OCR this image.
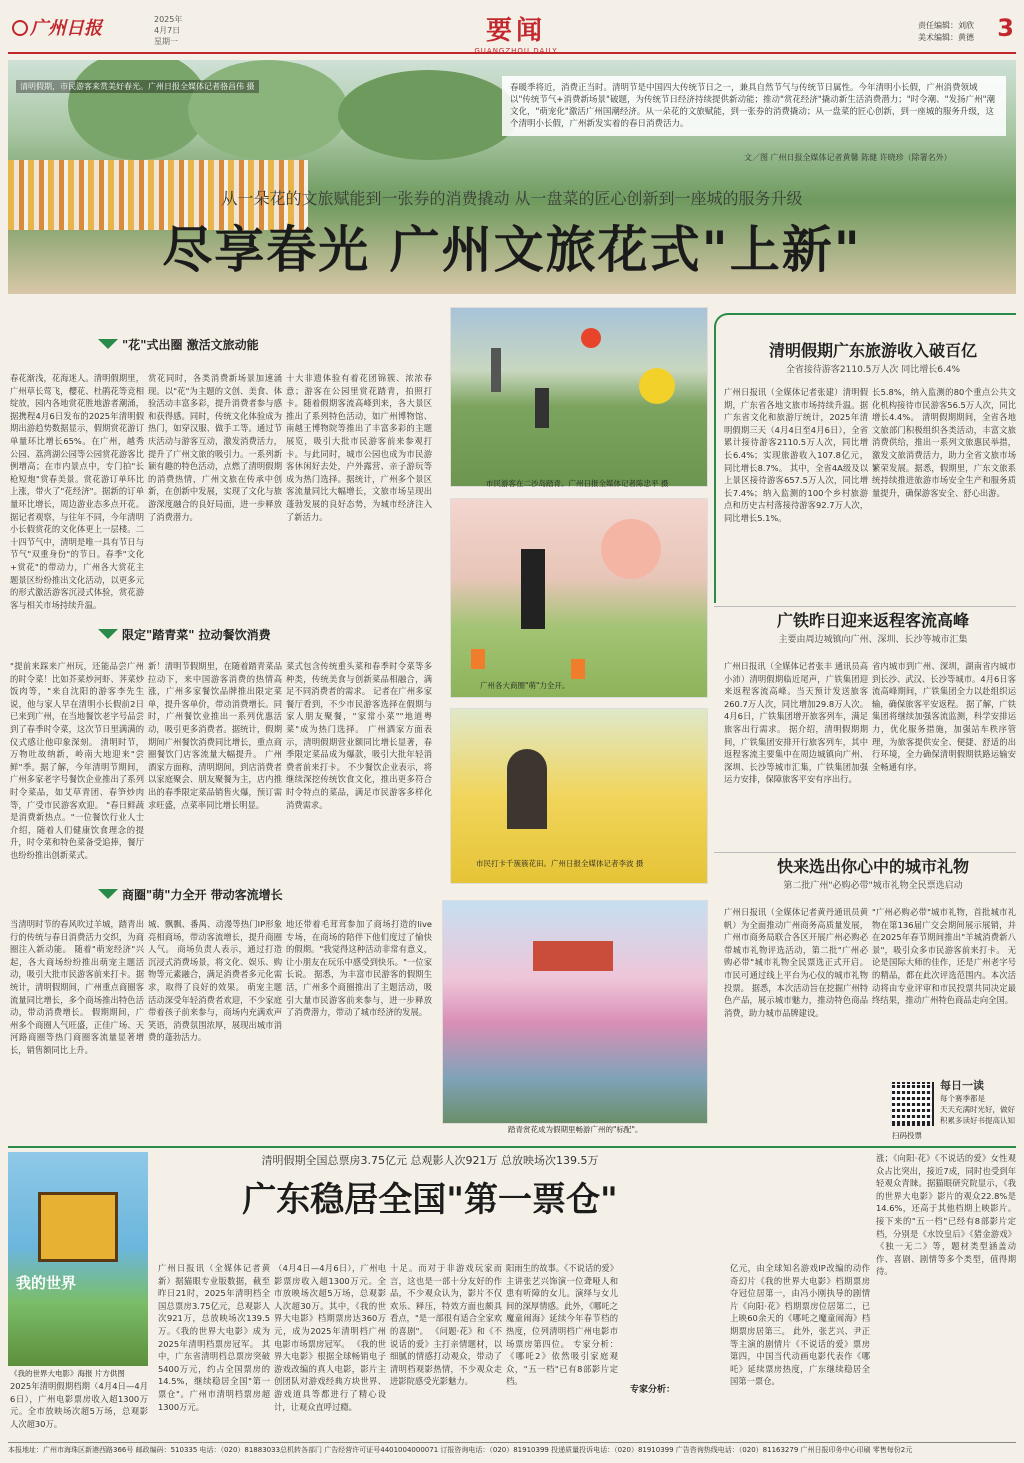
广州日报	2025年
4月7日
星期一	要闻
GUANGZHOU DAILY
责任编辑：刘欣
美术编辑：黄德 3
清明假期，市民游客来赏美好春光。广州日报全媒体记者骆昌伟 摄	春暖季将近，消费正当时。清明节是中国四大传统节日之一，兼具自然节气与传统节日属性。今年清明小长假，广州消费领域以"传统节气+消费新场景"破题，为传统节日经济持续提供新动能；推动"赏花经济"撬动新生活消费潜力；"时令潮、"发扬广州"潮文化，"萌宠化"激活广州国潮经济。从一朵花的文旅赋能，到一张券的消费撬动；从一盘菜的匠心创新，到一座城的服务升级，这个清明小长假，广州新发实着的春日消费活力。
文／图 广州日报全媒体记者黄馨 陈健 许晓珍（除署名外）
从一朵花的文旅赋能到一张券的消费撬动 从一盘菜的匠心创新到一座城的服务升级
尽享春光 广州文旅花式"上新"
"花"式出圈 激活文旅动能
春花渐浅，花海迷人。清明假期里，广州草长莺飞，樱花、杜鹃花等竞相绽放，园内各地赏花胜地游者潮涌，据携程4月6日发布的2025年清明假期出游趋势数据显示，假期赏花游订单量环比增长65%。在广州，越秀公园、荔湾湖公园等公园赏花游客比例增高；在市内景点中，专门拍"长枪短炮"赏春美景。赏花游订单环比上涨，带火了"花经济"。据新的订单量环比增长，周边游业态多点开花。 据记者观察，与往年不同，今年清明小长假赏花的文化体更上一层楼。二十四节气中，清明是唯一具有节日与节气"双重身份"的节日。春季"文化+赏花"的带动力，广州各大赏花主题景区纷纷推出文化活动，以更多元的形式激活游客沉浸式体验，赏花游客与相关市场持续升温。
赏花同时，各类消费新场景加速涌现。以"花"为主题的文创、美食、体验活动丰富多彩，提升消费者参与感和获得感。同时，传统文化体验成为热门，如穿汉服、做手工等。通过节庆活动与游客互动，激发消费活力，提升了广州文旅的吸引力。一系列新颖有趣的特色活动，点燃了清明假期的消费热情，广州文旅在传承中创新，在创新中发展，实现了文化与旅游深度融合的良好局面，进一步释放了消费潜力。
十大非遗体验有着花团锦簇、浓浓春意；游客在公园里赏花踏青，拍照打卡。随着假期客流高峰到来，各大景区推出了系列特色活动，如广州博物馆、南越王博物院等推出了丰富多彩的主题展览，吸引大批市民游客前来参观打卡。与此同时，城市公园也成为市民游客休闲好去处，户外露营、亲子游玩等成为热门选择。据统计，广州多个景区客流量同比大幅增长，文旅市场呈现出蓬勃发展的良好态势，为城市经济注入了新活力。
限定"踏青菜" 拉动餐饮消费
"提前来踩来广州玩，还能品尝广州的时令菜！比如芥菜炒河虾、荠菜炒饭肉等，"来自沈阳的游客李先生说，他与家人早在清明小长假前2日已来到广州，在当地餐饮老字号品尝到了春季时令菜，这次节日里满满的仪式感让他印象深刻。 清明时节，万物吐故纳新，岭南大地迎来"尝鲜"季。据了解，今年清明节期间，广州多家老字号餐饮企业推出了系列时令菜品，如艾草青团、春笋炒肉等，广受市民游客欢迎。 "春日鲜蔬是消费新热点。"一位餐饮行业人士介绍，随着人们健康饮食理念的提升，时令菜和特色菜备受追捧，餐厅也纷纷推出创新菜式。
新！清明节假期里，在随着踏青菜品拉动下，来中国游客消费的热情高涨，广州多家餐饮品牌推出限定菜单，提升客单价，带动消费增长。同时，广州餐饮业推出一系列优惠活动，吸引更多消费者。据统计，假期期间广州餐饮消费同比增长，重点商圈餐饮门店客流量大幅提升。 广州酒家方面称，清明期间，到店消费者以家庭聚会、朋友聚餐为主，店内推出的春季限定菜品销售火爆，预订需求旺盛，点菜率同比增长明显。
菜式包含传统重头菜和春季时令菜等多种类，传统美食与创新菜品相融合，满足不同消费者的需求。 记者在广州多家餐厅看到，不少市民游客选择在假期与家人朋友聚餐，"家常小菜""地道粤菜"成为热门选择。 广州酒家方面表示，清明假期营业额同比增长显著，春季限定菜品成为爆款，吸引大批年轻消费者前来打卡。 不少餐饮企业表示，将继续深挖传统饮食文化，推出更多符合时令特点的菜品，满足市民游客多样化消费需求。
商圈"萌"力全开 带动客流增长
当清明时节的春风吹过羊城，踏青出行的传统与春日消费活力交织，为商圈注入新动能。 随着"萌宠经济"兴起，各大商场纷纷推出萌宠主题活动，吸引大批市民游客前来打卡。据统计，清明假期间，广州重点商圈客流量同比增长，多个商场推出特色活动，带动消费增长。 假期期间，广州多个商圈人气旺盛，正佳广场、天河路商圈等热门商圈客流量显著增长，销售额同比上升。
城、飘飘、番禺、动漫等热门IP形象亮相商场，带动客流增长，提升商圈人气。 商场负责人表示，通过打造沉浸式消费场景，将文化、娱乐、购物等元素融合，满足消费者多元化需求，取得了良好的效果。 萌宠主题活动深受年轻消费者欢迎，不少家庭带着孩子前来参与，商场内充满欢声笑语，消费氛围浓厚，展现出城市消费的蓬勃活力。
地还带着毛茸茸参加了商场打造的live专场，在商场的陪伴下他们度过了愉快的假期。"我觉得这种活动非常有意义，让小朋友在玩乐中感受到快乐。"一位家长说。 据悉，为丰富市民游客的假期生活，广州多个商圈推出了主题活动，吸引大量市民游客前来参与，进一步释放了消费潜力，带动了城市经济的发展。
市民游客在二沙岛踏青。广州日报全媒体记者陈忠平 摄
广州各大商圈"萌"力全开。
市民打卡千簇簇花田。广州日报全媒体记者李波 摄
踏青赏花成为假期里畅游广州的"标配"。
清明假期广东旅游收入破百亿
全省接待游客2110.5万人次 同比增长6.4%
广州日报讯（全媒体记者张建）清明假期，广东省各地文旅市场持续升温。据广东省文化和旅游厅统计，2025年清明假期三天（4月4日至4月6日），全省累计接待游客2110.5万人次，同比增长6.4%；实现旅游收入107.8亿元，同比增长8.7%。 其中，全省4A级及以上景区接待游客657.5万人次，同比增长7.4%；纳入监测的100个乡村旅游点和历史古村落接待游客92.7万人次，同比增长5.1%。
长5.8%，纳入监测的80个重点公共文化机构接待市民游客56.5万人次，同比增长4.4%。 清明假期期间，全省各地文旅部门积极组织各类活动，丰富文旅消费供给，推出一系列文旅惠民举措，激发文旅消费活力，助力全省文旅市场繁荣发展。据悉，假期里，广东文旅系统持续推进旅游市场安全生产和服务质量提升，确保游客安全、舒心出游。
广铁昨日迎来返程客流高峰
主要由周边城镇向广州、深圳、长沙等城市汇集
广州日报讯（全媒体记者张丰 通讯员高小沛）清明假期临近尾声，广铁集团迎来返程客流高峰。当天预计发送旅客260.7万人次，同比增加29.8万人次。4月6日，广铁集团增开旅客列车，满足旅客出行需求。 据介绍，清明假期期间，广铁集团安排开行旅客列车，其中返程客流主要集中在周边城镇向广州、深圳、长沙等城市汇集，广铁集团加强运力安排，保障旅客平安有序出行。
省内城市到广州、深圳，湖南省内城市到长沙、武汉、长沙等城市。4月6日客流高峰期间，广铁集团全力以赴组织运输，确保旅客平安返程。 据了解，广铁集团将继续加强客流监测，科学安排运力，优化服务措施，加强站车秩序管理，为旅客提供安全、便捷、舒适的出行环境，全力确保清明假期铁路运输安全畅通有序。
快来选出你心中的城市礼物
第二批广州"必购必带"城市礼物全民票选启动
广州日报讯（全媒体记者黄丹通讯员黄帆）为全面推动广州商务高质量发展，广州市商务局联合各区开展广州必购必带城市礼物评选活动，第二批"广州必购必带"城市礼物全民票选正式开启。市民可通过线上平台为心仪的城市礼物投票。 据悉，本次活动旨在挖掘广州特色产品，展示城市魅力，推动特色商品消费，助力城市品牌建设。
"广州必购必带"城市礼物，首批城市礼物在第136届广交会期间展示展销，并在2025年春节期间推出"羊城消费新八景"，吸引众多市民游客前来打卡。 无论是国际大师的佳作，还是广州老字号的精品，都在此次评选范围内。本次活动将由专业评审和市民投票共同决定最终结果，推动广州特色商品走向全国。
扫码投票
每日一读
每个赛季都是
天天充满时光好，做好积累多读好书提高认知
我的世界
《我的世界大电影》海报 片方供图
2025年清明假期档期（4月4日—4月6日），广州电影票房收入超1300万元。全市放映场次超5万场，总观影人次超30万。
清明假期全国总票房3.75亿元 总观影人次921万 总放映场次139.5万
广东稳居全国"第一票仓"
广州日报讯（全媒体记者黄新）据猫眼专业版数据，截至昨日21时，2025年清明档全国总票房3.75亿元，总观影人次921万，总放映场次139.5万。《我的世界大电影》成为2025年清明档票房冠军。 其中，广东省清明档总票房突破5400万元，约占全国票房的14.5%，继续稳居全国"第一票仓"。广州市清明档票房超1300万元。
（4月4日—4月6日），广州电影票房收入超1300万元。全市放映场次超5万场，总观影人次超30万。其中，《我的世界大电影》档期票房达360万元，成为2025年清明档广州电影市场票房冠军。 《我的世界大电影》根据全球畅销电子游戏改编的真人电影，影片主创团队对游戏经典方块世界、游戏道具等都进行了精心设计，让观众直呼过瘾。
十足。而对于非游戏玩家而言，这也是一部十分友好的作品，不少观众认为，影片不仅欢乐、释压，特效方面也颇具看点，"是一部很有适合全家欢的喜剧"。 《问题·花》和《不说话的爱》主打亲情题材，以细腻的情感打动观众，带动了清明档观影热情，不少观众走进影院感受光影魅力。
阳雨生的故事。《不说话的爱》主讲张艺兴饰演一位聋哑人和患有听障的女儿。演绎与女儿间的深厚情感。此外，《哪吒之魔童闹海》延续今年春节档的热度，位列清明档广州电影市场票房第四位。 专家分析：《哪吒2》依然吸引家庭观众，"五一档"已有8部影片定档。
专家分析：
亿元，由全球知名游戏IP改编的动作奇幻片《我的世界大电影》档期票房夺冠位居第一，由冯小刚执导的剧情片《向阳·花》档期票房位居第二，已上映60余天的《哪吒之魔童闹海》档期票房居第三。 此外，张艺兴、尹正等主演的剧情片《不说话的爱》票房第四，中国当代动画电影代表作《哪吒》延续票房热度，广东继续稳居全国第一票仓。
涨；《向阳·花》《不说话的爱》女性观众占比突出，接近7成，同时也受到年轻观众青睐。据猫眼研究院显示，《我的世界大电影》影片的观众22.8%是14.6%，还高于其他档期上映影片。 接下来的"五一档"已经有8部影片定档，分别是《水饺皇后》《猎金游戏》《独一无二》等，题材类型涵盖动作、喜剧、剧情等多个类型，值得期待。
本报地址：广州市海珠区新港西路366号 邮政编码：510335 电话：（020）81883033总机转各部门 广告经营许可证号4401004000071 订报咨询电话：（020）81910399 投递质量投诉电话：（020）81910399 广告咨询热线电话：（020）81163279 广州日报印务中心印刷 零售每份2元
